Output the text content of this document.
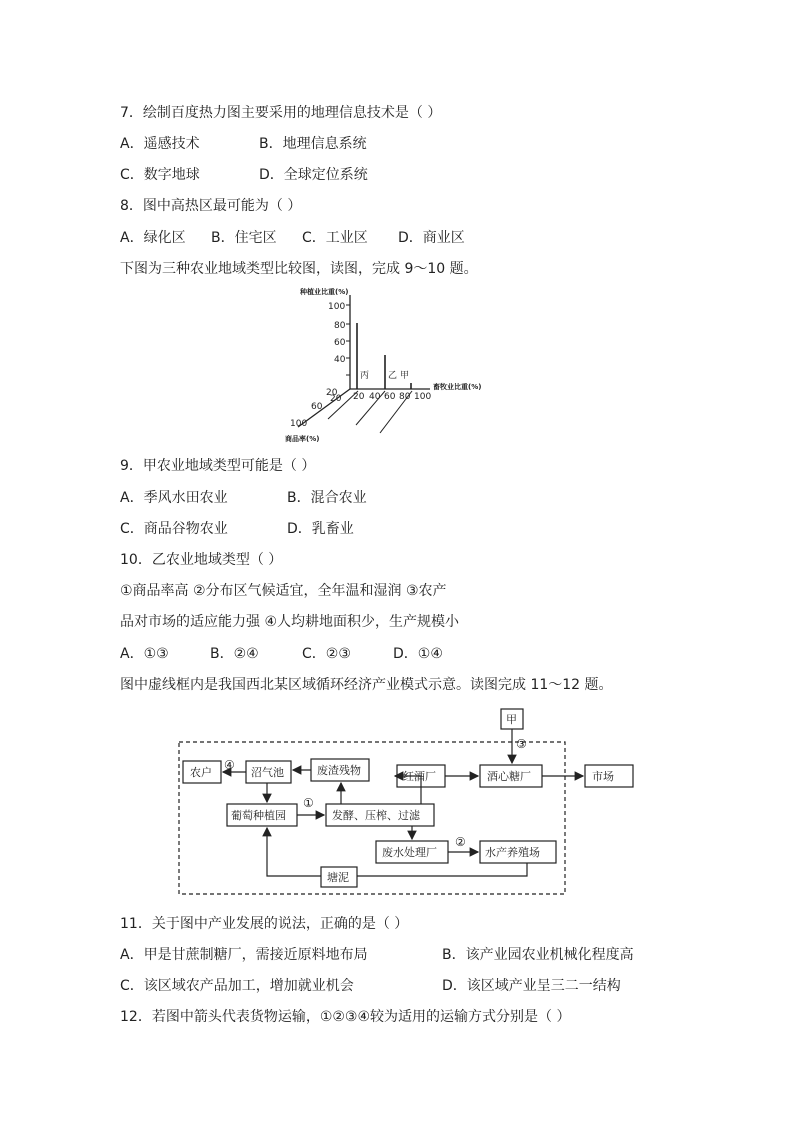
7．绘制百度热力图主要采用的地理信息技术是（ ）
A．遥感技术	B．地理信息系统
C．数字地球	D．全球定位系统
8．图中高热区最可能为（ ）
A．绿化区 B．住宅区 C．工业区 D．商业区
下图为三种农业地域类型比较图，读图，完成 9～10 题。
种植业比重(%)
畜牧业比重(%)
商品率(%)
100
80
60
40
20 20 40 60 80 100
20
60
100
丙 乙 甲
9．甲农业地域类型可能是（ ）
A．季风水田农业	B．混合农业
C．商品谷物农业	D．乳畜业
10．乙农业地域类型（ ）
①商品率高 ②分布区气候适宜，全年温和湿润 ③农产
品对市场的适应能力强 ④人均耕地面积少，生产规模小
A．①③	B．②④	C．②③	D．①④
图中虚线框内是我国西北某区域循环经济产业模式示意。读图完成 11～12 题。
甲
农户	沼气池	废渣残物	红酒厂	酒心糖厂	市场
葡萄种植园	发酵、压榨、过滤
废水处理厂	水产养殖场
塘泥
③
④
①
②
11．关于图中产业发展的说法，正确的是（ ）
A．甲是甘蔗制糖厂，需接近原料地布局	B．该产业园农业机械化程度高
C．该区域农产品加工，增加就业机会	D．该区域产业呈三二一结构
12．若图中箭头代表货物运输，①②③④较为适用的运输方式分别是（ ）
